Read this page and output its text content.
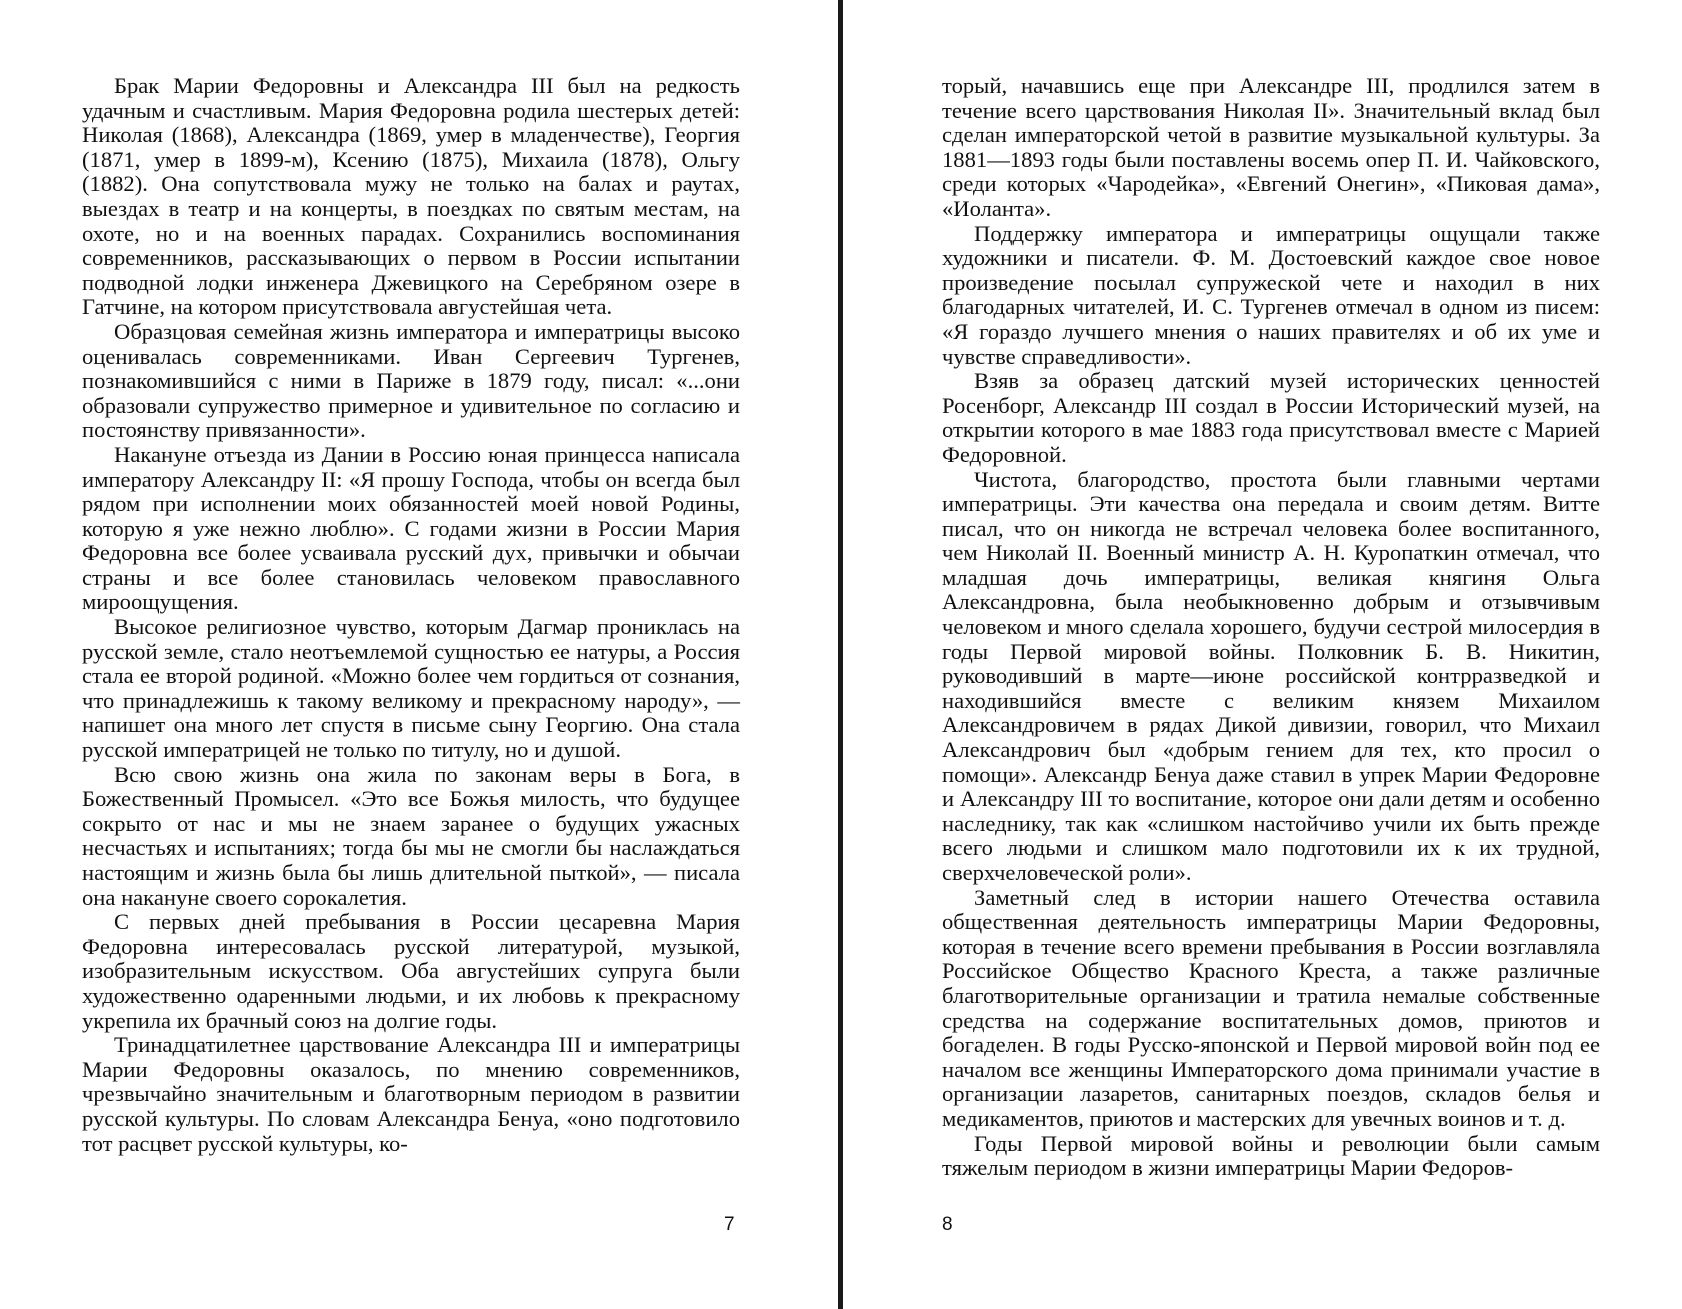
Брак Марии Федоровны и Александра III был на редкость удачным и счастливым. Мария Федоровна родила шестерых детей: Николая (1868), Александра (1869, умер в младенчестве), Георгия (1871, умер в 1899-м), Ксению (1875), Михаила (1878), Ольгу (1882). Она сопутствовала мужу не только на балах и раутах, выездах в театр и на концерты, в поездках по святым местам, на охоте, но и на военных парадах. Сохранились воспоминания современников, рассказывающих о первом в России испытании подводной лодки инженера Джевицкого на Серебряном озере в Гатчине, на котором присутствовала августейшая чета.

Образцовая семейная жизнь императора и императрицы высоко оценивалась современниками. Иван Сергеевич Тургенев, познакомившийся с ними в Париже в 1879 году, писал: «...они образовали супружество примерное и удивительное по согласию и постоянству привязанности».

Накануне отъезда из Дании в Россию юная принцесса написала императору Александру II: «Я прошу Господа, чтобы он всегда был рядом при исполнении моих обязанностей моей новой Родины, которую я уже нежно люблю». С годами жизни в России Мария Федоровна все более усваивала русский дух, привычки и обычаи страны и все более становилась человеком православного мироощущения.

Высокое религиозное чувство, которым Дагмар прониклась на русской земле, стало неотъемлемой сущностью ее натуры, а Россия стала ее второй родиной. «Можно более чем гордиться от сознания, что принадлежишь к такому великому и прекрасному народу», — напишет она много лет спустя в письме сыну Георгию. Она стала русской императрицей не только по титулу, но и душой.

Всю свою жизнь она жила по законам веры в Бога, в Божественный Промысел. «Это все Божья милость, что будущее сокрыто от нас и мы не знаем заранее о будущих ужасных несчастьях и испытаниях; тогда бы мы не смогли бы наслаждаться настоящим и жизнь была бы лишь длительной пыткой», — писала она накануне своего сорокалетия.

С первых дней пребывания в России цесаревна Мария Федоровна интересовалась русской литературой, музыкой, изобразительным искусством. Оба августейших супруга были художественно одаренными людьми, и их любовь к прекрасному укрепила их брачный союз на долгие годы.

Тринадцатилетнее царствование Александра III и императрицы Марии Федоровны оказалось, по мнению современников, чрезвычайно значительным и благотворным периодом в развитии русской культуры. По словам Александра Бенуа, «оно подготовило тот расцвет русской культуры, ко-

7

торый, начавшись еще при Александре III, продлился затем в течение всего царствования Николая II». Значительный вклад был сделан императорской четой в развитие музыкальной культуры. За 1881—1893 годы были поставлены восемь опер П. И. Чайковского, среди которых «Чародейка», «Евгений Онегин», «Пиковая дама», «Иоланта».

Поддержку императора и императрицы ощущали также художники и писатели. Ф. М. Достоевский каждое свое новое произведение посылал супружеской чете и находил в них благодарных читателей, И. С. Тургенев отмечал в одном из писем: «Я гораздо лучшего мнения о наших правителях и об их уме и чувстве справедливости».

Взяв за образец датский музей исторических ценностей Росенборг, Александр III создал в России Исторический музей, на открытии которого в мае 1883 года присутствовал вместе с Марией Федоровной.

Чистота, благородство, простота были главными чертами императрицы. Эти качества она передала и своим детям. Витте писал, что он никогда не встречал человека более воспитанного, чем Николай II. Военный министр А. Н. Куропаткин отмечал, что младшая дочь императрицы, великая княгиня Ольга Александровна, была необыкновенно добрым и отзывчивым человеком и много сделала хорошего, будучи сестрой милосердия в годы Первой мировой войны. Полковник Б. В. Никитин, руководивший в марте—июне российской контрразведкой и находившийся вместе с великим князем Михаилом Александровичем в рядах Дикой дивизии, говорил, что Михаил Александрович был «добрым гением для тех, кто просил о помощи». Александр Бенуа даже ставил в упрек Марии Федоровне и Александру III то воспитание, которое они дали детям и особенно наследнику, так как «слишком настойчиво учили их быть прежде всего людьми и слишком мало подготовили их к их трудной, сверхчеловеческой роли».

Заметный след в истории нашего Отечества оставила общественная деятельность императрицы Марии Федоровны, которая в течение всего времени пребывания в России возглавляла Российское Общество Красного Креста, а также различные благотворительные организации и тратила немалые собственные средства на содержание воспитательных домов, приютов и богаделен. В годы Русско-японской и Первой мировой войн под ее началом все женщины Императорского дома принимали участие в организации лазаретов, санитарных поездов, складов белья и медикаментов, приютов и мастерских для увечных воинов и т. д.

Годы Первой мировой войны и революции были самым тяжелым периодом в жизни императрицы Марии Федоров-

8
